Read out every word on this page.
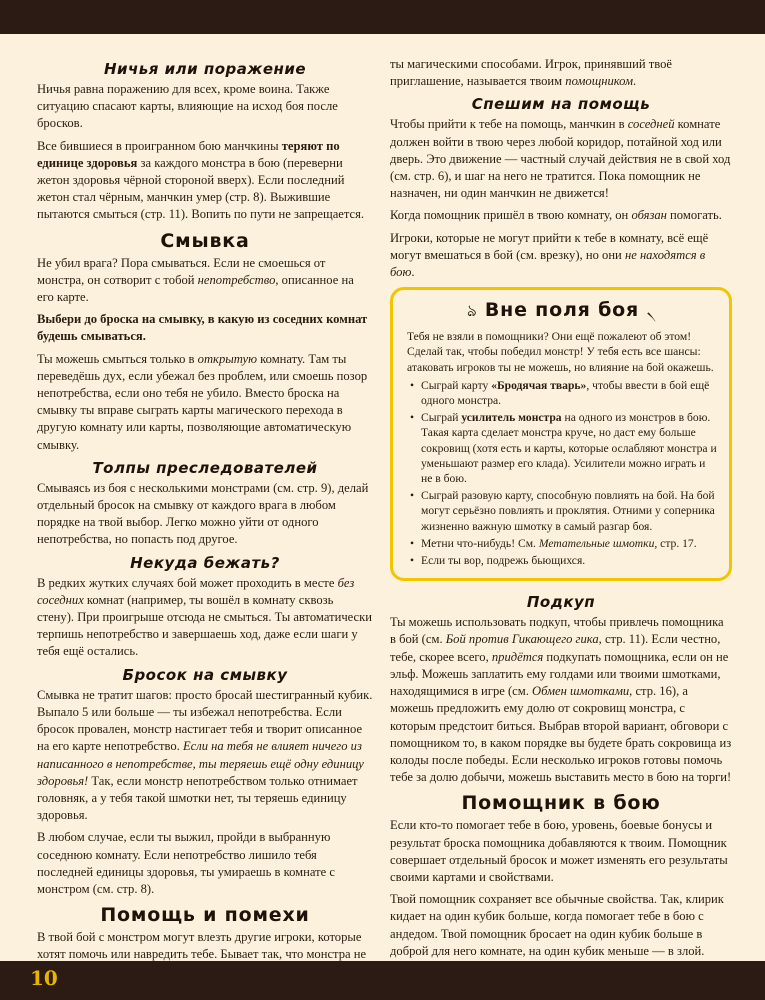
Ничья или поражение

Ничья равна поражению для всех, кроме воина. Также ситуацию спасают карты, влияющие на исход боя после бросков.

Все бившиеся в проигранном бою манчкины теряют по единице здоровья за каждого монстра в бою (переверни жетон здоровья чёрной стороной вверх). Если последний жетон стал чёрным, манчкин умер (стр. 8). Выжившие пытаются смыться (стр. 11). Вопить по пути не запрещается.

Смывка

Не убил врага? Пора смываться. Если не смоешься от монстра, он сотворит с тобой непотребство, описанное на его карте.

Выбери до броска на смывку, в какую из соседних комнат будешь смываться.

Ты можешь смыться только в открытую комнату. Там ты переведёшь дух, если убежал без проблем, или смоешь позор непотребства, если оно тебя не убило. Вместо броска на смывку ты вправе сыграть карты магического перехода в другую комнату или карты, позволяющие автоматическую смывку.

Толпы преследователей

Смываясь из боя с несколькими монстрами (см. стр. 9), делай отдельный бросок на смывку от каждого врага в любом порядке на твой выбор. Легко можно уйти от одного непотребства, но попасть под другое.

Некуда бежать?

В редких жутких случаях бой может проходить в месте без соседних комнат (например, ты вошёл в комнату сквозь стену). При проигрыше отсюда не смыться. Ты автоматически терпишь непотребство и завершаешь ход, даже если шаги у тебя ещё остались.

Бросок на смывку

Смывка не тратит шагов: просто бросай шестигранный кубик. Выпало 5 или больше — ты избежал непотребства. Если бросок провален, монстр настигает тебя и творит описанное на его карте непотребство. Если на тебя не влияет ничего из написанного в непотребстве, ты теряешь ещё одну единицу здоровья! Так, если монстр непотребством только отнимает головняк, а у тебя такой шмотки нет, ты теряешь единицу здоровья.

В любом случае, если ты выжил, пройди в выбранную соседнюю комнату. Если непотребство лишило тебя последней единицы здоровья, ты умираешь в комнате с монстром (см. стр. 8).

Помощь и помехи

В твой бой с монстром могут влезть другие игроки, которые хотят помочь или навредить тебе. Бывает так, что монстра не

ты магическими способами. Игрок, принявший твоё приглашение, называется твоим помощником.

Спешим на помощь

Чтобы прийти к тебе на помощь, манчкин в соседней комнате должен войти в твою через любой коридор, потайной ход или дверь. Это движение — частный случай действия не в свой ход (см. стр. 6), и шаг на него не тратится. Пока помощник не назначен, ни один манчкин не движется!

Когда помощник пришёл в твою комнату, он обязан помогать.

Игроки, которые не могут прийти к тебе в комнату, всё ещё могут вмешаться в бой (см. врезку), но они не находятся в бою.

ঌ Вне поля боя ৲

Тебя не взяли в помощники? Они ещё пожалеют об этом! Сделай так, чтобы победил монстр! У тебя есть все шансы: атаковать игроков ты не можешь, но влияние на бой окажешь.

• Сыграй карту «Бродячая тварь», чтобы ввести в бой ещё одного монстра.
• Сыграй усилитель монстра на одного из монстров в бою. Такая карта сделает монстра круче, но даст ему больше сокровищ (хотя есть и карты, которые ослабляют монстра и уменьшают размер его клада). Усилители можно играть и не в бою.
• Сыграй разовую карту, способную повлиять на бой. На бой могут серьёзно повлиять и проклятия. Отними у соперника жизненно важную шмотку в самый разгар боя.
• Метни что-нибудь! См. Метательные шмотки, стр. 17.
• Если ты вор, подрежь бьющихся.
Подкуп

Ты можешь использовать подкуп, чтобы привлечь помощника в бой (см. Бой против Гикающего гика, стр. 11). Если честно, тебе, скорее всего, придётся подкупать помощника, если он не эльф. Можешь заплатить ему голдами или твоими шмотками, находящимися в игре (см. Обмен шмотками, стр. 16), а можешь предложить ему долю от сокровищ монстра, с которым предстоит биться. Выбрав второй вариант, обговори с помощником то, в каком порядке вы будете брать сокровища из колоды после победы. Если несколько игроков готовы помочь тебе за долю добычи, можешь выставить место в бою на торги!

Помощник в бою

Если кто-то помогает тебе в бою, уровень, боевые бонусы и результат броска помощника добавляются к твоим. Помощник совершает отдельный бросок и может изменять его результаты своими картами и свойствами.

Твой помощник сохраняет все обычные свойства. Так, клирик кидает на один кубик больше, когда помогает тебе в бою с андедом. Твой помощник бросает на один кубик больше в доброй для него комнате, на один кубик меньше — в злой.

10
